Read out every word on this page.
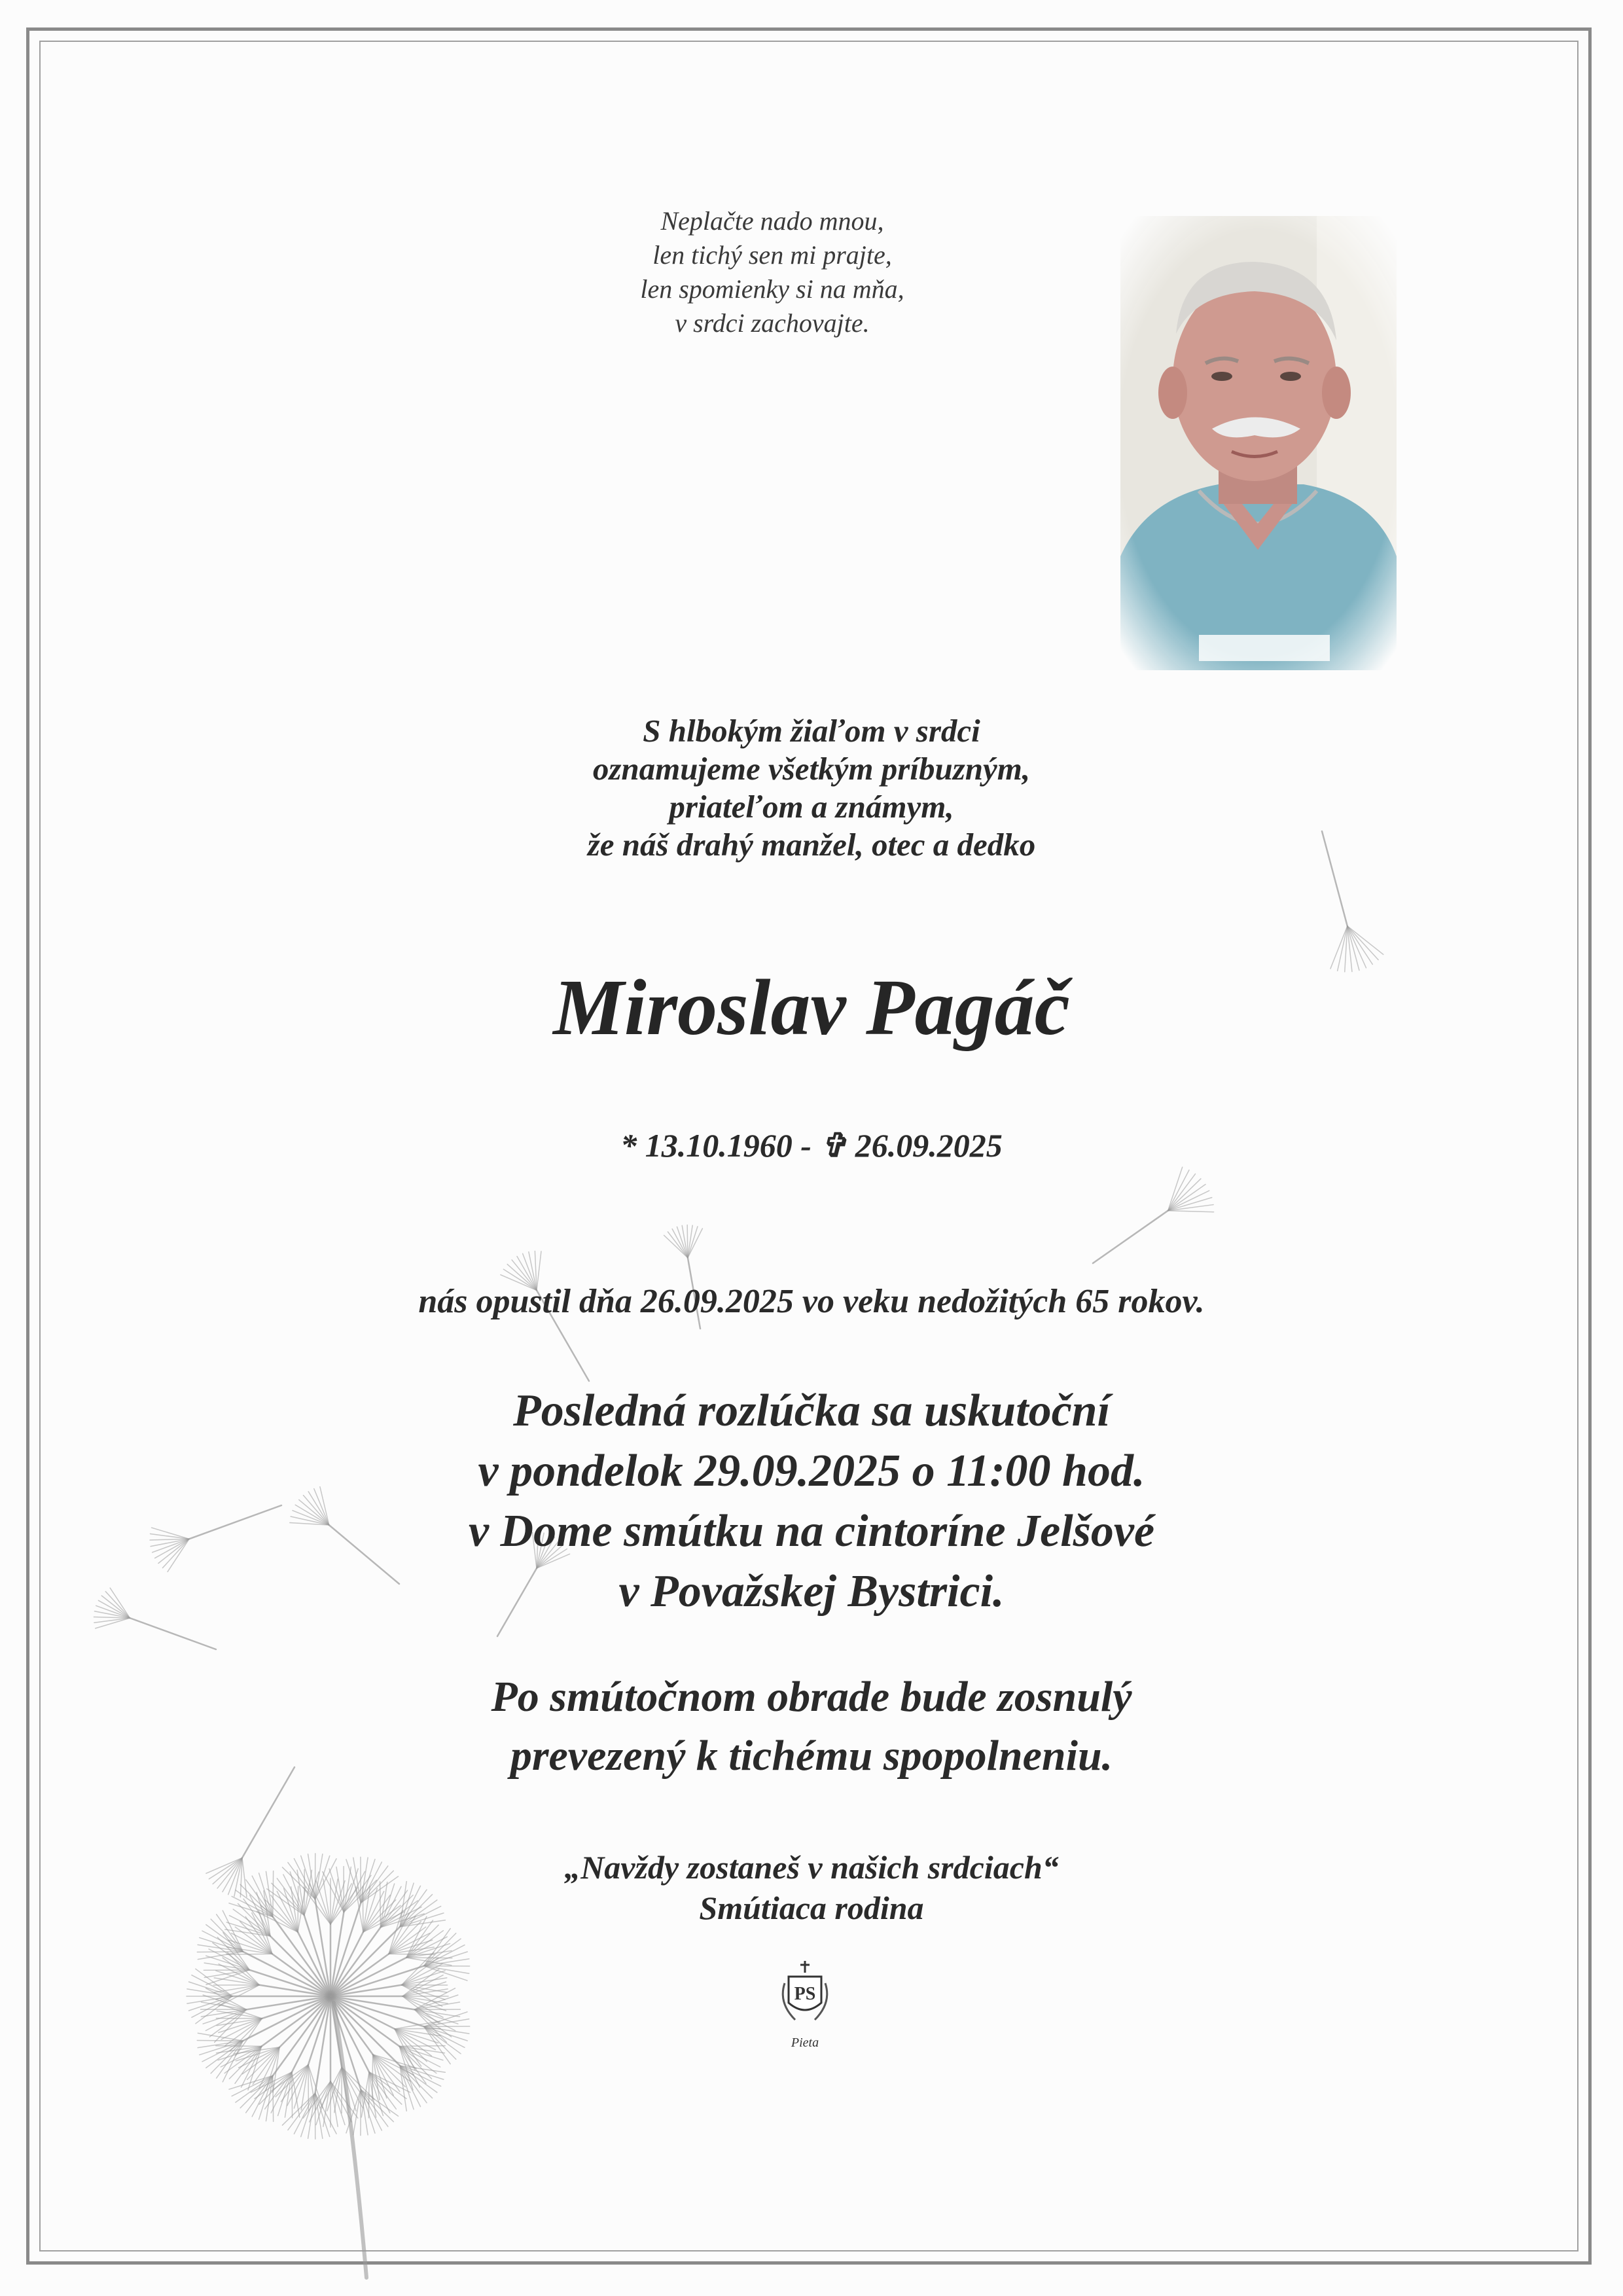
Neplačte nado mnou,
len tichý sen mi prajte,
len spomienky si na mňa,
v srdci zachovajte.
S hlbokým žiaľom v srdci
oznamujeme všetkým príbuzným,
priateľom a známym,
že náš drahý manžel, otec a dedko
Miroslav Pagáč
* 13.10.1960 - ✞ 26.09.2025
nás opustil dňa 26.09.2025 vo veku nedožitých 65 rokov.
Posledná rozlúčka sa uskutoční
v pondelok 29.09.2025 o 11:00 hod.
v Dome smútku na cintoríne Jelšové
v Považskej Bystrici.
Po smútočnom obrade bude zosnulý
prevezený k tichému spopolneniu.
„Navždy zostaneš v našich srdciach“
Smútiaca rodina
PS
Pieta
